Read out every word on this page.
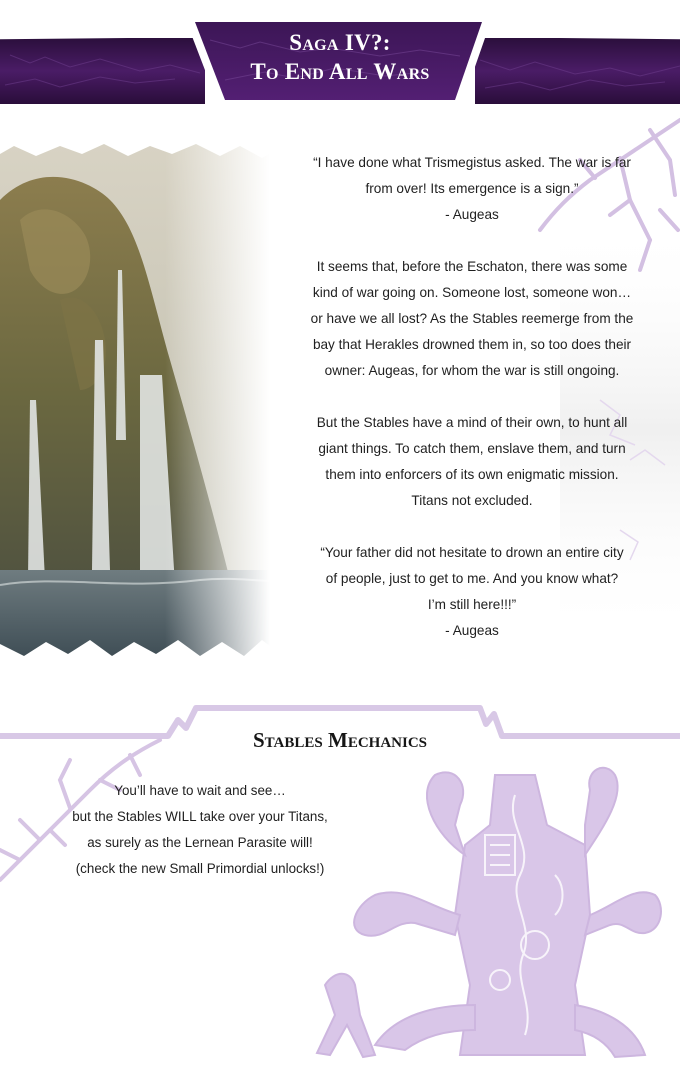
Saga IV?:
To End All Wars

“I have done what Trismegistus asked. The war is far
from over! Its emergence is a sign.”
- Augeas

It seems that, before the Eschaton, there was some
kind of war going on. Someone lost, someone won…
or have we all lost? As the Stables reemerge from the
bay that Herakles drowned them in, so too does their
owner: Augeas, for whom the war is still ongoing.

But the Stables have a mind of their own, to hunt all
giant things. To catch them, enslave them, and turn
them into enforcers of its own enigmatic mission.
Titans not excluded.

“Your father did not hesitate to drown an entire city
of people, just to get to me. And you know what?
I’m still here!!!”
- Augeas

Stables Mechanics
You’ll have to wait and see…
but the Stables WILL take over your Titans,
as surely as the Lernean Parasite will!
(check the new Small Primordial unlocks!)
